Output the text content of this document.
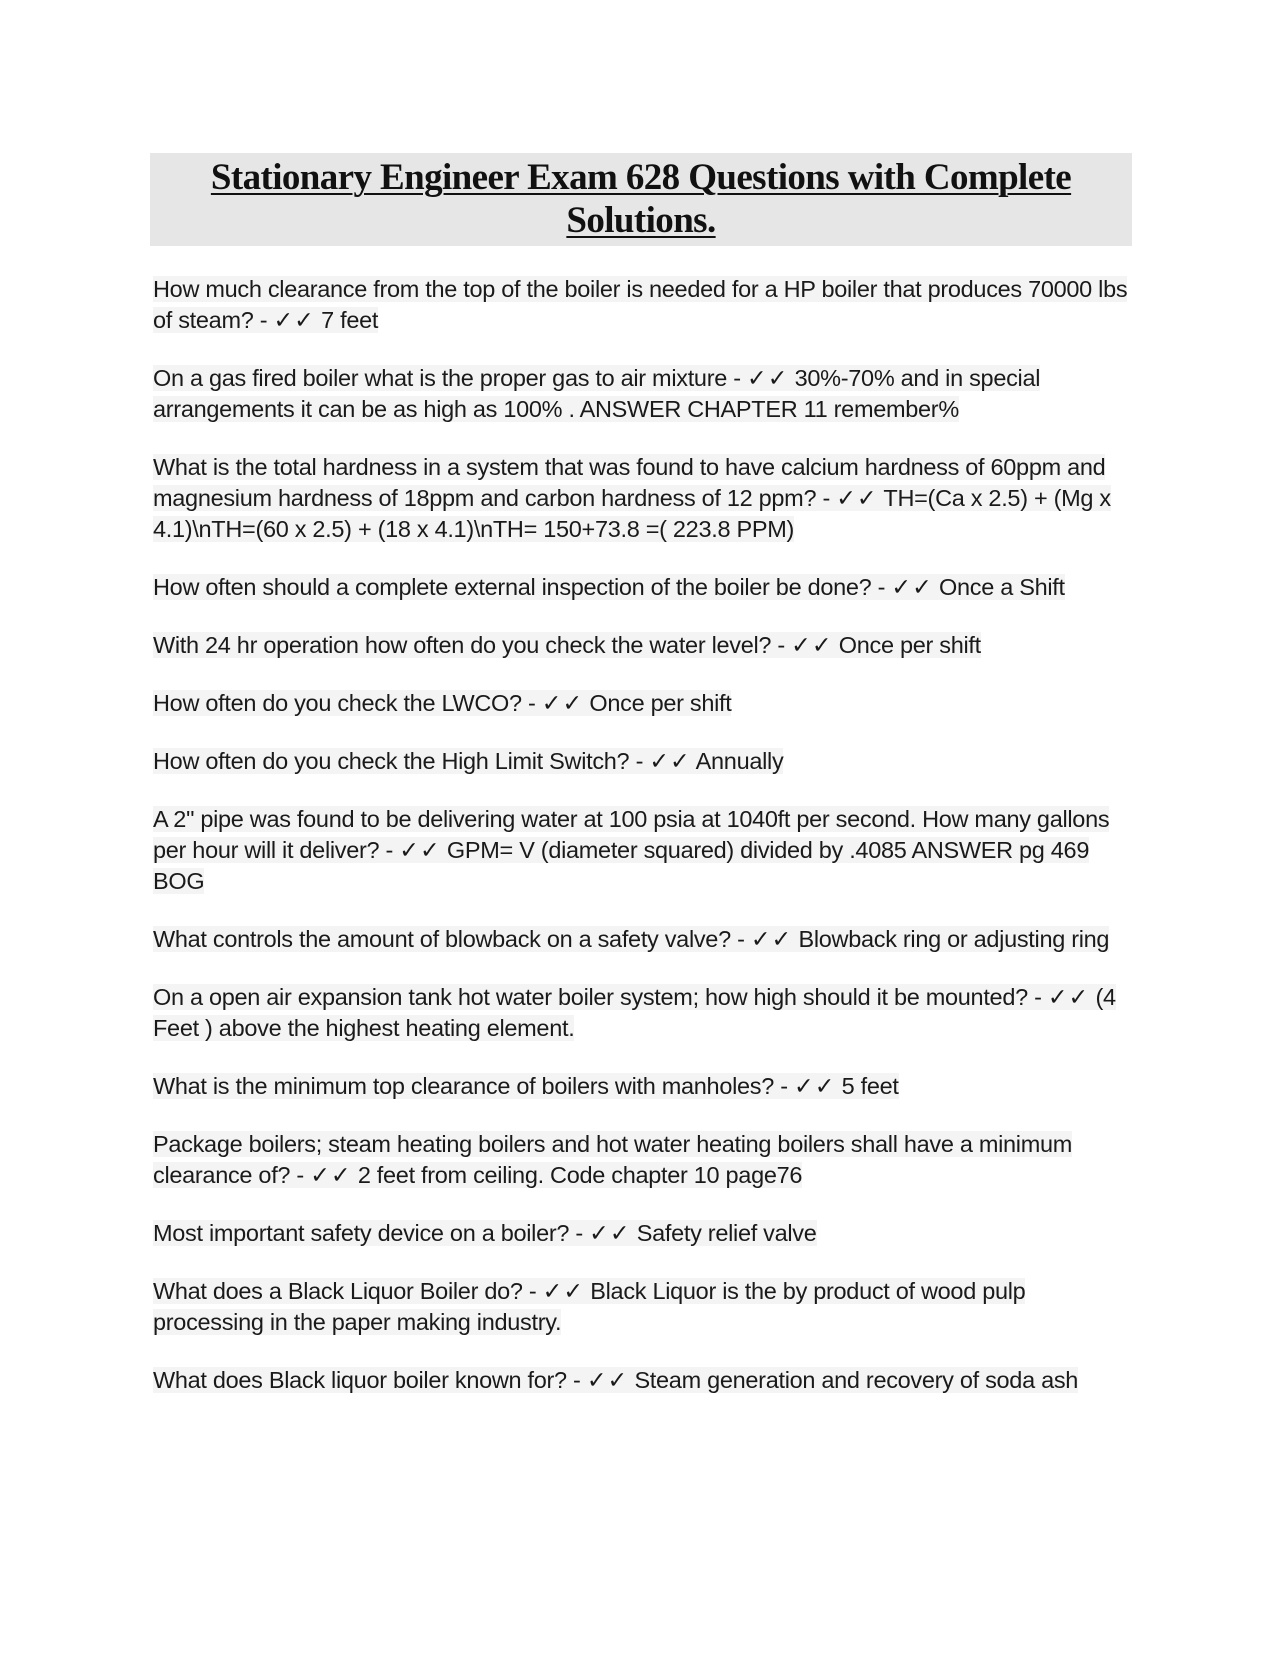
Stationary Engineer Exam 628 Questions with Complete Solutions.

How much clearance from the top of the boiler is needed for a HP boiler that produces 70000 lbs of steam? - ✓✓ 7 feet

On a gas fired boiler what is the proper gas to air mixture - ✓✓ 30%-70% and in special arrangements it can be as high as 100% . ANSWER CHAPTER 11 remember%

What is the total hardness in a system that was found to have calcium hardness of 60ppm and magnesium hardness of 18ppm and carbon hardness of 12 ppm? - ✓✓ TH=(Ca x 2.5) + (Mg x 4.1)\nTH=(60 x 2.5) + (18 x 4.1)\nTH= 150+73.8 =( 223.8 PPM)

How often should a complete external inspection of the boiler be done? - ✓✓ Once a Shift

With 24 hr operation how often do you check the water level? - ✓✓ Once per shift

How often do you check the LWCO? - ✓✓ Once per shift

How often do you check the High Limit Switch? - ✓✓ Annually

A 2" pipe was found to be delivering water at 100 psia at 1040ft per second. How many gallons per hour will it deliver? - ✓✓ GPM= V (diameter squared) divided by .4085 ANSWER pg 469 BOG

What controls the amount of blowback on a safety valve? - ✓✓ Blowback ring or adjusting ring

On a open air expansion tank hot water boiler system; how high should it be mounted? - ✓✓ (4 Feet ) above the highest heating element.

What is the minimum top clearance of boilers with manholes? - ✓✓ 5 feet

Package boilers; steam heating boilers and hot water heating boilers shall have a minimum clearance of? - ✓✓ 2 feet from ceiling. Code chapter 10 page76

Most important safety device on a boiler? - ✓✓ Safety relief valve

What does a Black Liquor Boiler do? - ✓✓ Black Liquor is the by product of wood pulp processing in the paper making industry.

What does Black liquor boiler known for? - ✓✓ Steam generation and recovery of soda ash
